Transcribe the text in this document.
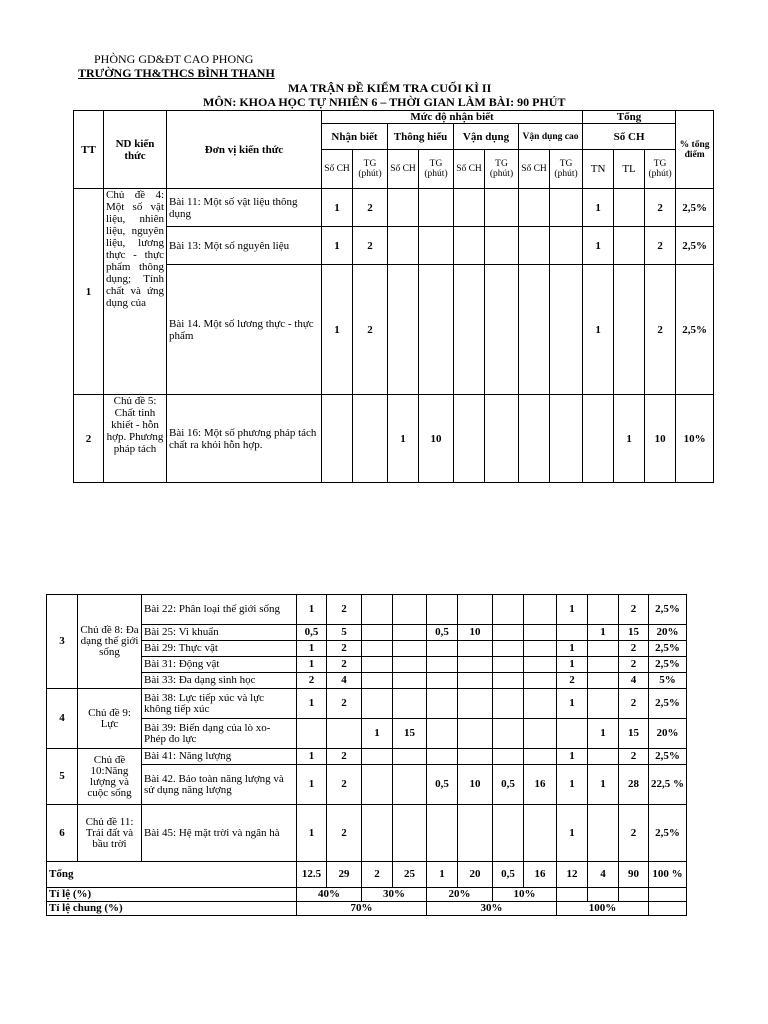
PHÒNG GD&ĐT CAO PHONG
TRƯỜNG TH&THCS BÌNH THANH
MA TRẬN ĐỀ KIỂM TRA CUỐI KÌ II
MÔN: KHOA HỌC TỰ NHIÊN 6 – THỜI GIAN LÀM BÀI: 90 PHÚT
TT	ND kiến thức	Đơn vị kiến thức	Mức độ nhận biết								Tổng			% tổng điểm
			Nhận biết		Thông hiểu		Vận dụng		Vận dụng cao		Số CH			
			Số CH	TG (phút)	Số CH	TG (phút)	Số CH	TG (phút)	Số CH	TG (phút)	TN	TL	TG (phút)	
1	Chủ đề 4: Một số vật liệu, nhiên liệu, nguyên liệu, lương thực - thực phẩm thông dụng; Tính chất và ứng dụng của	Bài 11: Một số vật liệu thông dụng	1	2							1		2	2,5%
		Bài 13: Một số nguyên liệu	1	2							1		2	2,5%
		Bài 14. Một số lương thực - thực phẩm	1	2							1		2	2,5%
2	Chủ đề 5: Chất tinh khiết - hỗn hợp. Phương pháp tách	Bài 16: Một số phương pháp tách chất ra khỏi hỗn hợp.			1	10						1	10	10%
3	Chủ đề 8: Đa dạng thế giới sống	Bài 22: Phân loại thế giới sống	1	2							1		2	2,5%
		Bài 25: Vi khuẩn	0,5	5			0,5	10				1	15	20%
		Bài 29: Thực vật	1	2							1		2	2,5%
		Bài 31: Động vật	1	2							1		2	2,5%
		Bài 33: Đa dạng sinh học	2	4							2		4	5%
4	Chủ đề 9: Lực	Bài 38: Lực tiếp xúc và lực không tiếp xúc	1	2							1		2	2,5%
		Bài 39: Biến dạng của lò xo- Phép đo lực			1	15						1	15	20%
5	Chủ đề 10:Năng lượng và cuộc sống	Bài 41: Năng lượng	1	2							1		2	2,5%
		Bài 42. Bảo toàn năng lượng và sử dụng năng lượng	1	2			0,5	10	0,5	16	1	1	28	22,5 %
6	Chủ đề 11: Trái đất và bầu trời	Bài 45: Hệ mặt trời và ngân hà	1	2							1		2	2,5%
Tổng			12.5	29	2	25	1	20	0,5	16	12	4	90	100 %
Tỉ lệ (%)			40%		30%		20%		10%					
Tỉ lệ chung (%)			70%				30%				100%			
